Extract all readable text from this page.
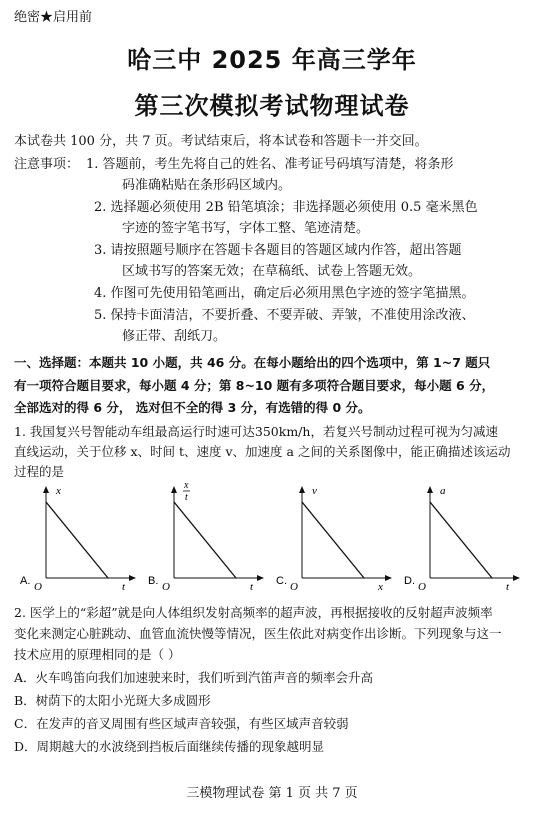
绝密★启用前
哈三中 2025 年高三学年
第三次模拟考试物理试卷
本试卷共 100 分，共 7 页。考试结束后，将本试卷和答题卡一并交回。
注意事项： 1. 答题前，考生先将自己的姓名、准考证号码填写清楚，将条形
码准确粘贴在条形码区域内。
2. 选择题必须使用 2B 铅笔填涂；非选择题必须使用 0.5 毫米黑色
字迹的签字笔书写，字体工整、笔迹清楚。
3. 请按照题号顺序在答题卡各题目的答题区域内作答，超出答题
区域书写的答案无效；在草稿纸、试卷上答题无效。
4. 作图可先使用铅笔画出，确定后必须用黑色字迹的签字笔描黑。
5. 保持卡面清洁，不要折叠、不要弄破、弄皱，不准使用涂改液、
修正带、刮纸刀。
一、选择题：本题共 10 小题，共 46 分。在每小题给出的四个选项中，第 1~7 题只
有一项符合题目要求，每小题 4 分；第 8~10 题有多项符合题目要求，每小题 6 分，
全部选对的得 6 分， 选对但不全的得 3 分，有选错的得 0 分。
1. 我国复兴号智能动车组最高运行时速可达350km/h，若复兴号制动过程可视为匀减速
直线运动，关于位移 x、时间 t、速度 v、加速度 a 之间的关系图像中，能正确描述该运动
过程的是
x
t
O
A.
x
t
t
O
B.
v
x
O
C.
a
t
O
D.
2. 医学上的“彩超”就是向人体组织发射高频率的超声波，再根据接收的反射超声波频率
变化来测定心脏跳动、血管血流快慢等情况，医生依此对病变作出诊断。下列现象与这一
技术应用的原理相同的是（ ）
A．火车鸣笛向我们加速驶来时，我们听到汽笛声音的频率会升高
B．树荫下的太阳小光斑大多成圆形
C．在发声的音叉周围有些区域声音较强，有些区域声音较弱
D．周期越大的水波绕到挡板后面继续传播的现象越明显
三模物理试卷 第 1 页 共 7 页
